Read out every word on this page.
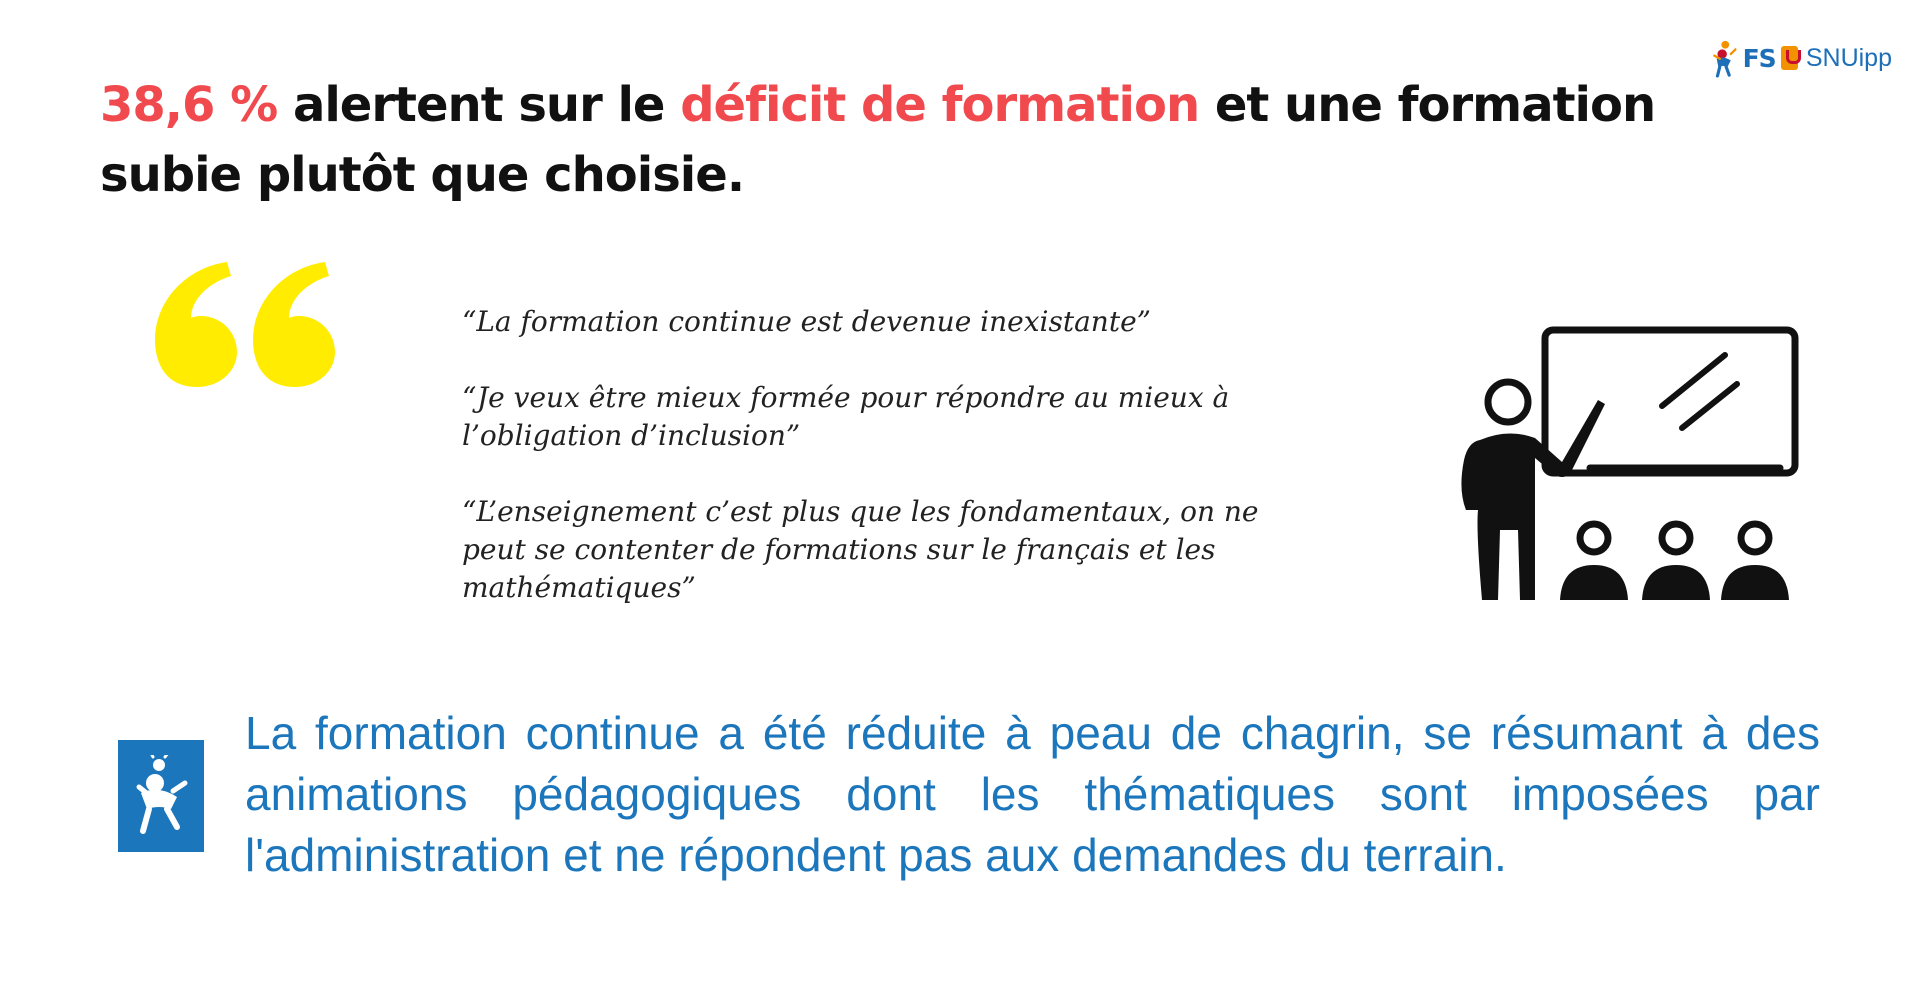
FS SNUipp
38,6 % alertent sur le déficit de formation et une formation subie plutôt que choisie.

“La formation continue est devenue inexistante”

“Je veux être mieux formée pour répondre au mieux à l’obligation d’inclusion”

“L’enseignement c’est plus que les fondamentaux, on ne peut se contenter de formations sur le français et les mathématiques”

La formation continue a été réduite à peau de chagrin, se résumant à des animations pédagogiques dont les thématiques sont imposées par l'administration et ne répondent pas aux demandes du terrain.
